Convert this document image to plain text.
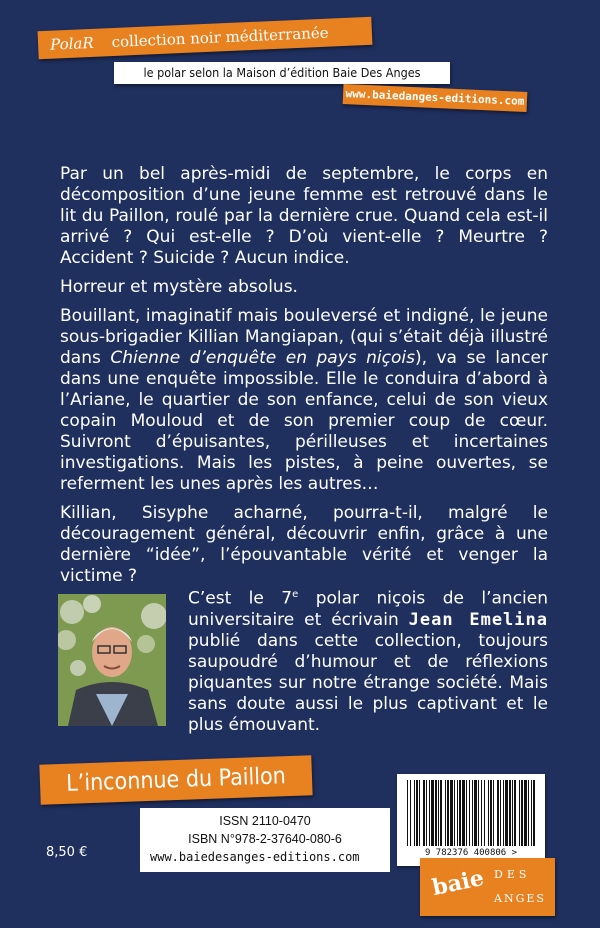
PolaR collection noir méditerranée
le polar selon la Maison d’édition Baie Des Anges
www.baiedanges-editions.com

Par un bel après-midi de septembre, le corps en décomposition d’une jeune femme est retrouvé dans le lit du Paillon, roulé par la dernière crue. Quand cela est-il arrivé ? Qui est-elle ? D’où vient-elle ? Meurtre ? Accident ? Suicide ? Aucun indice.

Horreur et mystère absolus.

Bouillant, imaginatif mais bouleversé et indigné, le jeune sous-brigadier Killian Mangiapan, (qui s’était déjà illustré dans Chienne d’enquête en pays niçois), va se lancer dans une enquête impossible. Elle le conduira d’abord à l’Ariane, le quartier de son enfance, celui de son vieux copain Mouloud et de son premier coup de cœur. Suivront d’épuisantes, périlleuses et incertaines investigations. Mais les pistes, à peine ouvertes, se referment les unes après les autres…

Killian, Sisyphe acharné, pourra-t-il, malgré le découragement général, découvrir enfin, grâce à une dernière “idée”, l’épouvantable vérité et venger la victime ?

C’est le 7e polar niçois de l’ancien universitaire et écrivain Jean Emelina publié dans cette collection, toujours saupoudré d’humour et de réflexions piquantes sur notre étrange société. Mais sans doute aussi le plus captivant et le plus émouvant.
L’inconnue du Paillon
8,50 €
ISSN 2110-0470
ISBN N°978-2-37640-080-6
www.baiedesanges-editions.com	9 782376 400806 >
baie DES
ANGES
